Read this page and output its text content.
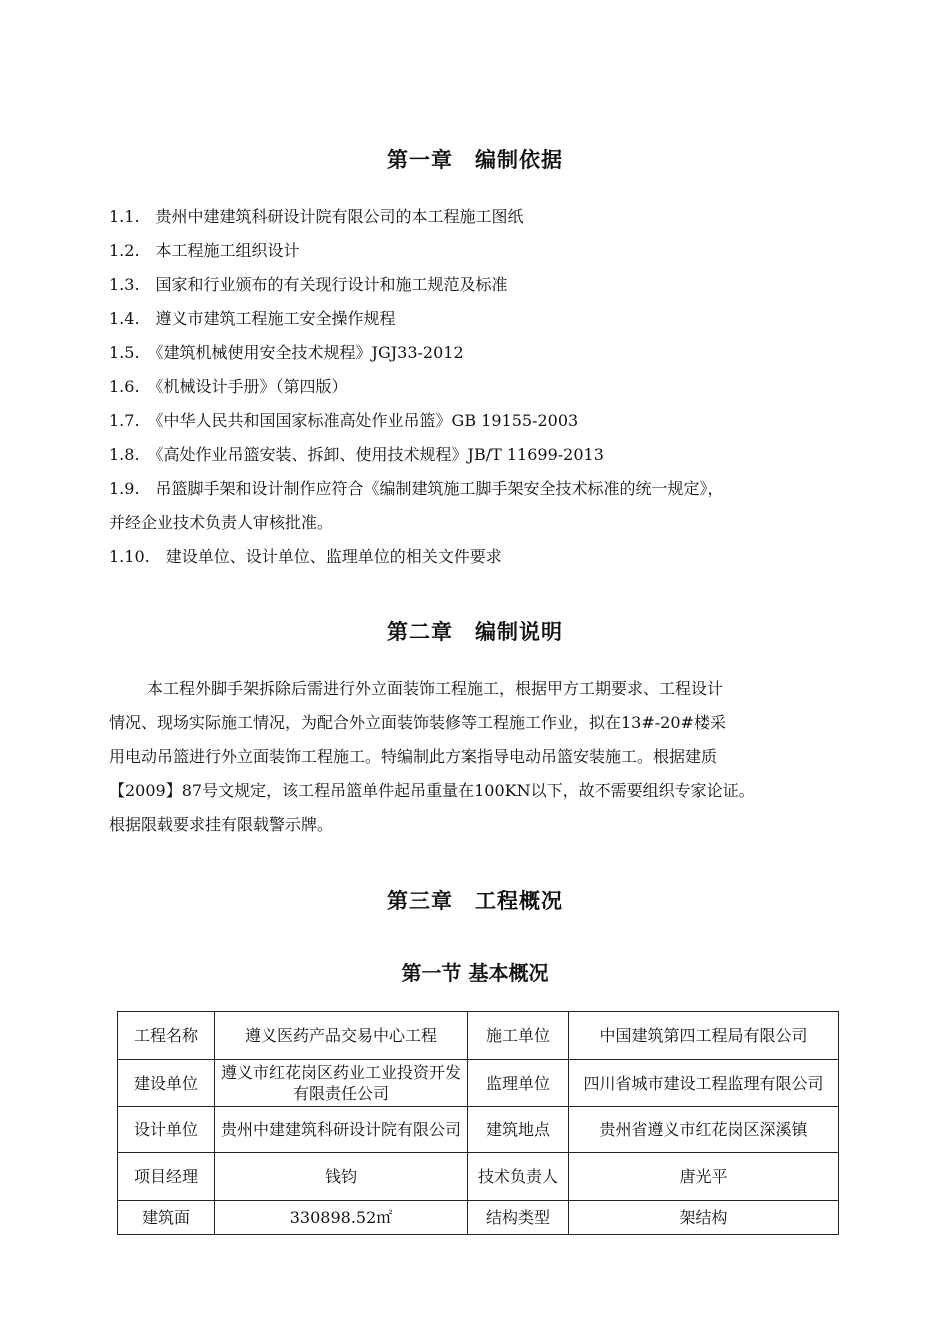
第一章　编制依据
1.1.　贵州中建建筑科研设计院有限公司的本工程施工图纸
1.2.　本工程施工组织设计
1.3.　国家和行业颁布的有关现行设计和施工规范及标准
1.4.　遵义市建筑工程施工安全操作规程
1.5.　《建筑机械使用安全技术规程》JGJ33-2012
1.6.　《机械设计手册》（第四版）
1.7.　《中华人民共和国国家标准高处作业吊篮》GB 19155-2003
1.8.　《高处作业吊篮安装、拆卸、使用技术规程》JB/T 11699-2013
1.9.　吊篮脚手架和设计制作应符合《编制建筑施工脚手架安全技术标准的统一规定》，
并经企业技术负责人审核批准。
1.10.　建设单位、设计单位、监理单位的相关文件要求
第二章　编制说明
本工程外脚手架拆除后需进行外立面装饰工程施工，根据甲方工期要求、工程设计
情况、现场实际施工情况，为配合外立面装饰装修等工程施工作业，拟在13#-20#楼采
用电动吊篮进行外立面装饰工程施工。特编制此方案指导电动吊篮安装施工。根据建质
【2009】87号文规定，该工程吊篮单件起吊重量在100KN以下，故不需要组织专家论证。
根据限载要求挂有限载警示牌。
第三章　工程概况
第一节 基本概况
工程名称	遵义医药产品交易中心工程	施工单位	中国建筑第四工程局有限公司
建设单位	遵义市红花岗区药业工业投资开发有限责任公司	监理单位	四川省城市建设工程监理有限公司
设计单位	贵州中建建筑科研设计院有限公司	建筑地点	贵州省遵义市红花岗区深溪镇
项目经理	钱钧	技术负责人	唐光平
建筑面	330898.52㎡	结构类型	架结构
